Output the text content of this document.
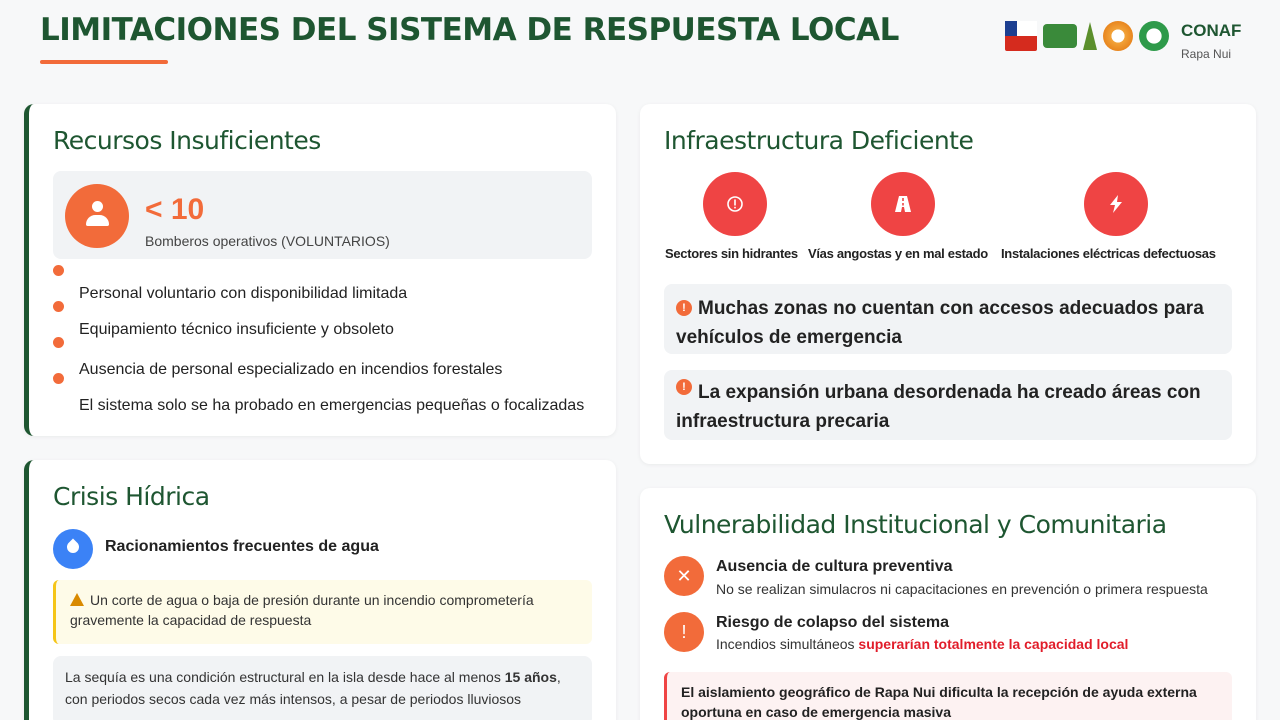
LIMITACIONES DEL SISTEMA DE RESPUESTA LOCAL	CONAF
Rapa Nui
Recursos Insuficientes
< 10
Bomberos operativos (VOLUNTARIOS)
Personal voluntario con disponibilidad limitada
Equipamiento técnico insuficiente y obsoleto
Ausencia de personal especializado en incendios forestales
El sistema solo se ha probado en emergencias pequeñas o focalizadas
Infraestructura Deficiente
Sectores sin hidrantes Vías angostas y en mal estado Instalaciones eléctricas defectuosas
! Muchas zonas no cuentan con accesos adecuados para vehículos de emergencia
! La expansión urbana desordenada ha creado áreas con infraestructura precaria
Crisis Hídrica
Racionamientos frecuentes de agua
Un corte de agua o baja de presión durante un incendio comprometería gravemente la capacidad de respuesta
La sequía es una condición estructural en la isla desde hace al menos 15 años, con periodos secos cada vez más intensos, a pesar de periodos lluviosos
Vulnerabilidad Institucional y Comunitaria
✕	Ausencia de cultura preventiva
No se realizan simulacros ni capacitaciones en prevención o primera respuesta
!	Riesgo de colapso del sistema
Incendios simultáneos superarían totalmente la capacidad local
El aislamiento geográfico de Rapa Nui dificulta la recepción de ayuda externa oportuna en caso de emergencia masiva
